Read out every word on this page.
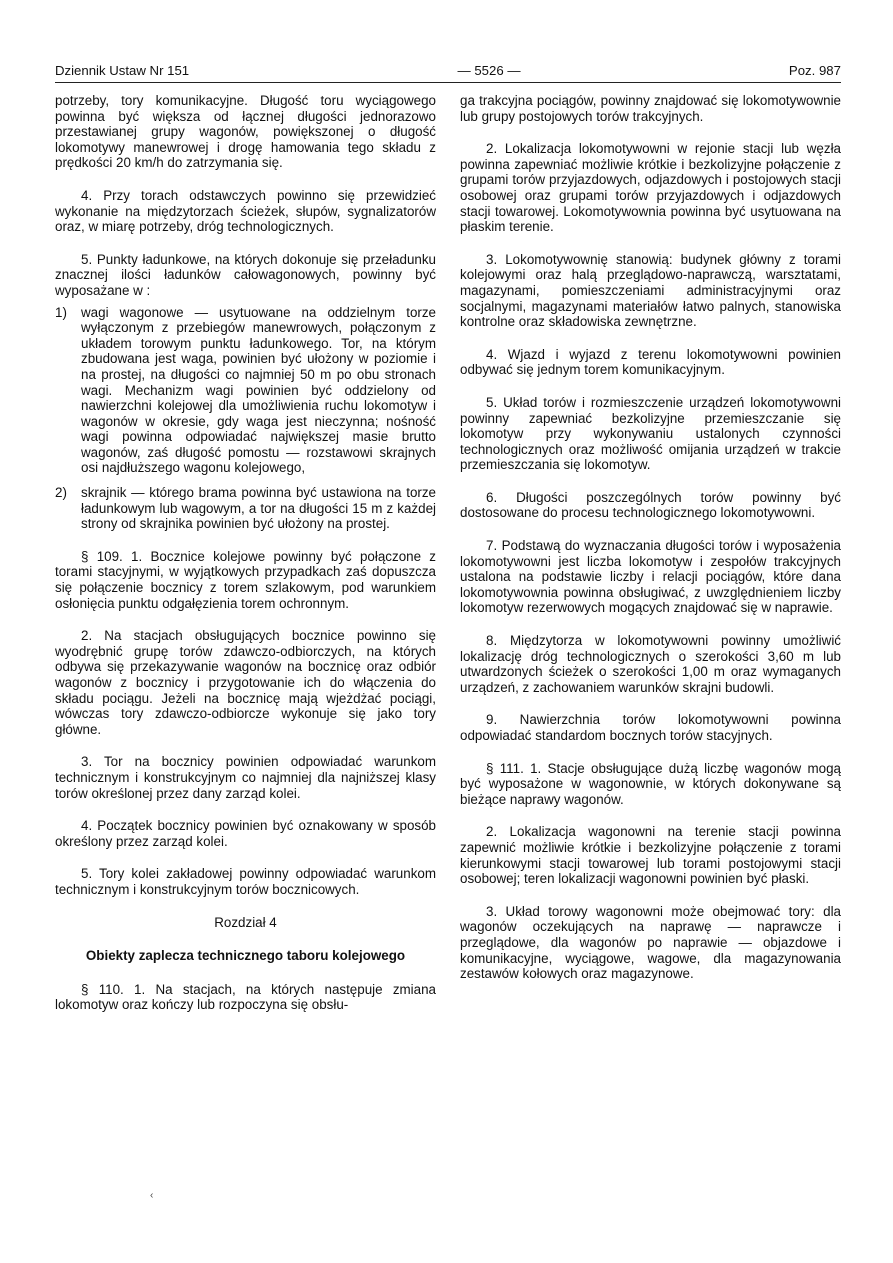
Dziennik Ustaw Nr 151	— 5526 —	Poz. 987

potrzeby, tory komunikacyjne. Długość toru wyciągowego powinna być większa od łącznej długości jednorazowo przestawianej grupy wagonów, powiększonej o długość lokomotywy manewrowej i drogę hamowania tego składu z prędkości 20 km/h do zatrzymania się.

4. Przy torach odstawczych powinno się przewidzieć wykonanie na międzytorzach ścieżek, słupów, sygnalizatorów oraz, w miarę potrzeby, dróg technologicznych.

5. Punkty ładunkowe, na których dokonuje się przeładunku znacznej ilości ładunków całowagonowych, powinny być wyposażane w :

1)	wagi wagonowe — usytuowane na oddzielnym torze wyłączonym z przebiegów manewrowych, połączonym z układem torowym punktu ładunkowego. Tor, na którym zbudowana jest waga, powinien być ułożony w poziomie i na prostej, na długości co najmniej 50 m po obu stronach wagi. Mechanizm wagi powinien być oddzielony od nawierzchni kolejowej dla umożliwienia ruchu lokomotyw i wagonów w okresie, gdy waga jest nieczynna; nośność wagi powinna odpowiadać największej masie brutto wagonów, zaś długość pomostu — rozstawowi skrajnych osi najdłuższego wagonu kolejowego,
2)	skrajnik — którego brama powinna być ustawiona na torze ładunkowym lub wagowym, a tor na długości 15 m z każdej strony od skrajnika powinien być ułożony na prostej.

§ 109. 1. Bocznice kolejowe powinny być połączone z torami stacyjnymi, w wyjątkowych przypadkach zaś dopuszcza się połączenie bocznicy z torem szlakowym, pod warunkiem osłonięcia punktu odgałęzienia torem ochronnym.

2. Na stacjach obsługujących bocznice powinno się wyodrębnić grupę torów zdawczo-odbiorczych, na których odbywa się przekazywanie wagonów na bocznicę oraz odbiór wagonów z bocznicy i przygotowanie ich do włączenia do składu pociągu. Jeżeli na bocznicę mają wjeżdżać pociągi, wówczas tory zdawczo-odbiorcze wykonuje się jako tory główne.

3. Tor na bocznicy powinien odpowiadać warunkom technicznym i konstrukcyjnym co najmniej dla najniższej klasy torów określonej przez dany zarząd kolei.

4. Początek bocznicy powinien być oznakowany w sposób określony przez zarząd kolei.

5. Tory kolei zakładowej powinny odpowiadać warunkom technicznym i konstrukcyjnym torów bocznicowych.

Rozdział 4

Obiekty zaplecza technicznego taboru kolejowego

§ 110. 1. Na stacjach, na których następuje zmiana lokomotyw oraz kończy lub rozpoczyna się obsłu-

ga trakcyjna pociągów, powinny znajdować się lokomotywownie lub grupy postojowych torów trakcyjnych.

2. Lokalizacja lokomotywowni w rejonie stacji lub węzła powinna zapewniać możliwie krótkie i bezkolizyjne połączenie z grupami torów przyjazdowych, odjazdowych i postojowych stacji osobowej oraz grupami torów przyjazdowych i odjazdowych stacji towarowej. Lokomotywownia powinna być usytuowana na płaskim terenie.

3. Lokomotywownię stanowią: budynek główny z torami kolejowymi oraz halą przeglądowo-naprawczą, warsztatami, magazynami, pomieszczeniami administracyjnymi oraz socjalnymi, magazynami materiałów łatwo palnych, stanowiska kontrolne oraz składowiska zewnętrzne.

4. Wjazd i wyjazd z terenu lokomotywowni powinien odbywać się jednym torem komunikacyjnym.

5. Układ torów i rozmieszczenie urządzeń lokomotywowni powinny zapewniać bezkolizyjne przemieszczanie się lokomotyw przy wykonywaniu ustalonych czynności technologicznych oraz możliwość omijania urządzeń w trakcie przemieszczania się lokomotyw.

6. Długości poszczególnych torów powinny być dostosowane do procesu technologicznego lokomotywowni.

7. Podstawą do wyznaczania długości torów i wyposażenia lokomotywowni jest liczba lokomotyw i zespołów trakcyjnych ustalona na podstawie liczby i relacji pociągów, które dana lokomotywownia powinna obsługiwać, z uwzględnieniem liczby lokomotyw rezerwowych mogących znajdować się w naprawie.

8. Międzytorza w lokomotywowni powinny umożliwić lokalizację dróg technologicznych o szerokości 3,60 m lub utwardzonych ścieżek o szerokości 1,00 m oraz wymaganych urządzeń, z zachowaniem warunków skrajni budowli.

9. Nawierzchnia torów lokomotywowni powinna odpowiadać standardom bocznych torów stacyjnych.

§ 111. 1. Stacje obsługujące dużą liczbę wagonów mogą być wyposażone w wagonownie, w których dokonywane są bieżące naprawy wagonów.

2. Lokalizacja wagonowni na terenie stacji powinna zapewnić możliwie krótkie i bezkolizyjne połączenie z torami kierunkowymi stacji towarowej lub torami postojowymi stacji osobowej; teren lokalizacji wagonowni powinien być płaski.

3. Układ torowy wagonowni może obejmować tory: dla wagonów oczekujących na naprawę — naprawcze i przeglądowe, dla wagonów po naprawie — objazdowe i komunikacyjne, wyciągowe, wagowe, dla magazynowania zestawów kołowych oraz magazynowe.

‹
